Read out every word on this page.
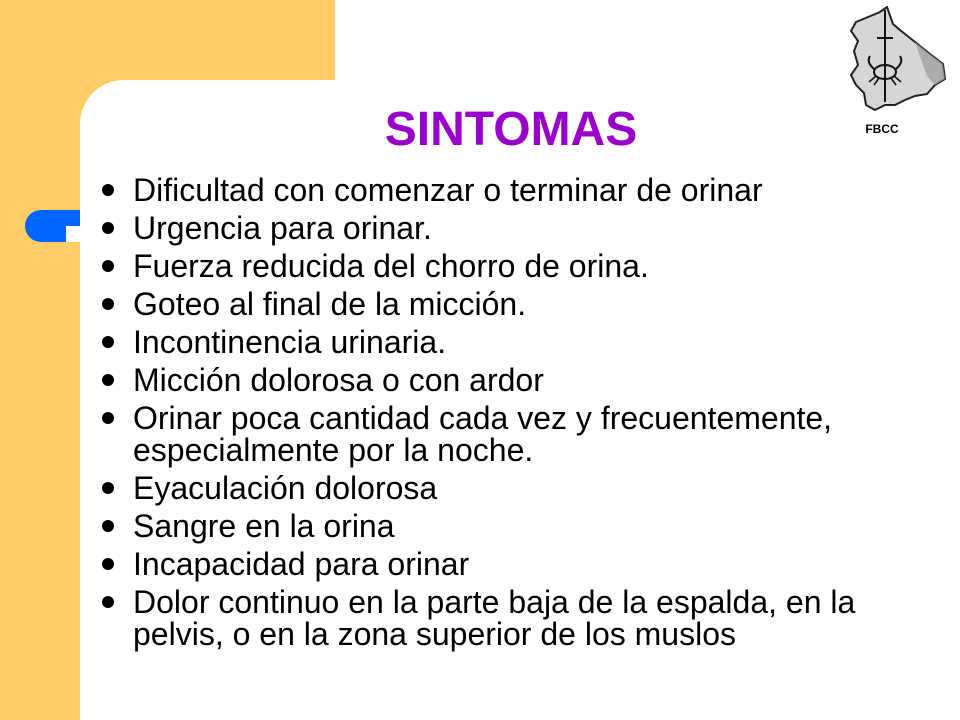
SINTOMAS	FBCC
Dificultad con comenzar o terminar de orinar
Urgencia para orinar.
Fuerza reducida del chorro de orina.
Goteo al final de la micción.
Incontinencia urinaria.
Micción dolorosa o con ardor
Orinar poca cantidad cada vez y frecuentemente, especialmente por la noche.
Eyaculación dolorosa
Sangre en la orina
Incapacidad para orinar
Dolor continuo en la parte baja de la espalda, en la pelvis, o en la zona superior de los muslos
